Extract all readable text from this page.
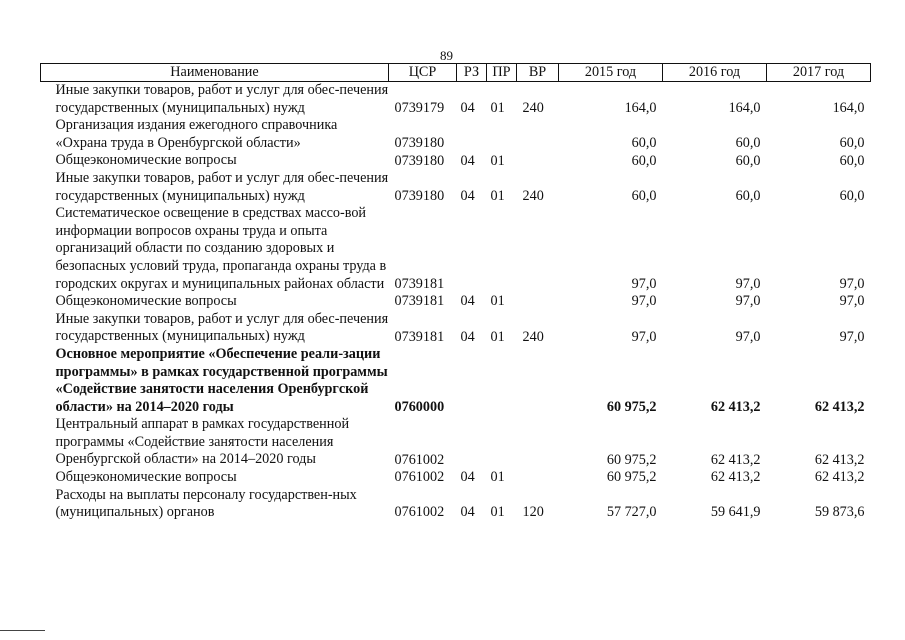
89
Наименование	ЦСР	РЗ	ПР	ВР	2015 год	2016 год	2017 год
Иные закупки товаров, работ и услуг для обес-печения государственных (муниципальных) нужд	0739179	04	01	240	164,0	164,0	164,0
Организация издания ежегодного справочника «Охрана труда в Оренбургской области»	0739180				60,0	60,0	60,0
Общеэкономические вопросы	0739180	04	01		60,0	60,0	60,0
Иные закупки товаров, работ и услуг для обес-печения государственных (муниципальных) нужд	0739180	04	01	240	60,0	60,0	60,0
Систематическое освещение в средствах массо-вой информации вопросов охраны труда и опыта организаций области по созданию здоровых и безопасных условий труда, пропаганда охраны труда в городских округах и муниципальных районах области	0739181				97,0	97,0	97,0
Общеэкономические вопросы	0739181	04	01		97,0	97,0	97,0
Иные закупки товаров, работ и услуг для обес-печения государственных (муниципальных) нужд	0739181	04	01	240	97,0	97,0	97,0
Основное мероприятие «Обеспечение реали-зации программы» в рамках государственной программы «Содействие занятости населения Оренбургской области» на 2014–2020 годы	0760000				60 975,2	62 413,2	62 413,2
Центральный аппарат в рамках государственной программы «Содействие занятости населения Оренбургской области» на 2014–2020 годы	0761002				60 975,2	62 413,2	62 413,2
Общеэкономические вопросы	0761002	04	01		60 975,2	62 413,2	62 413,2
Расходы на выплаты персоналу государствен-ных (муниципальных) органов	0761002	04	01	120	57 727,0	59 641,9	59 873,6
